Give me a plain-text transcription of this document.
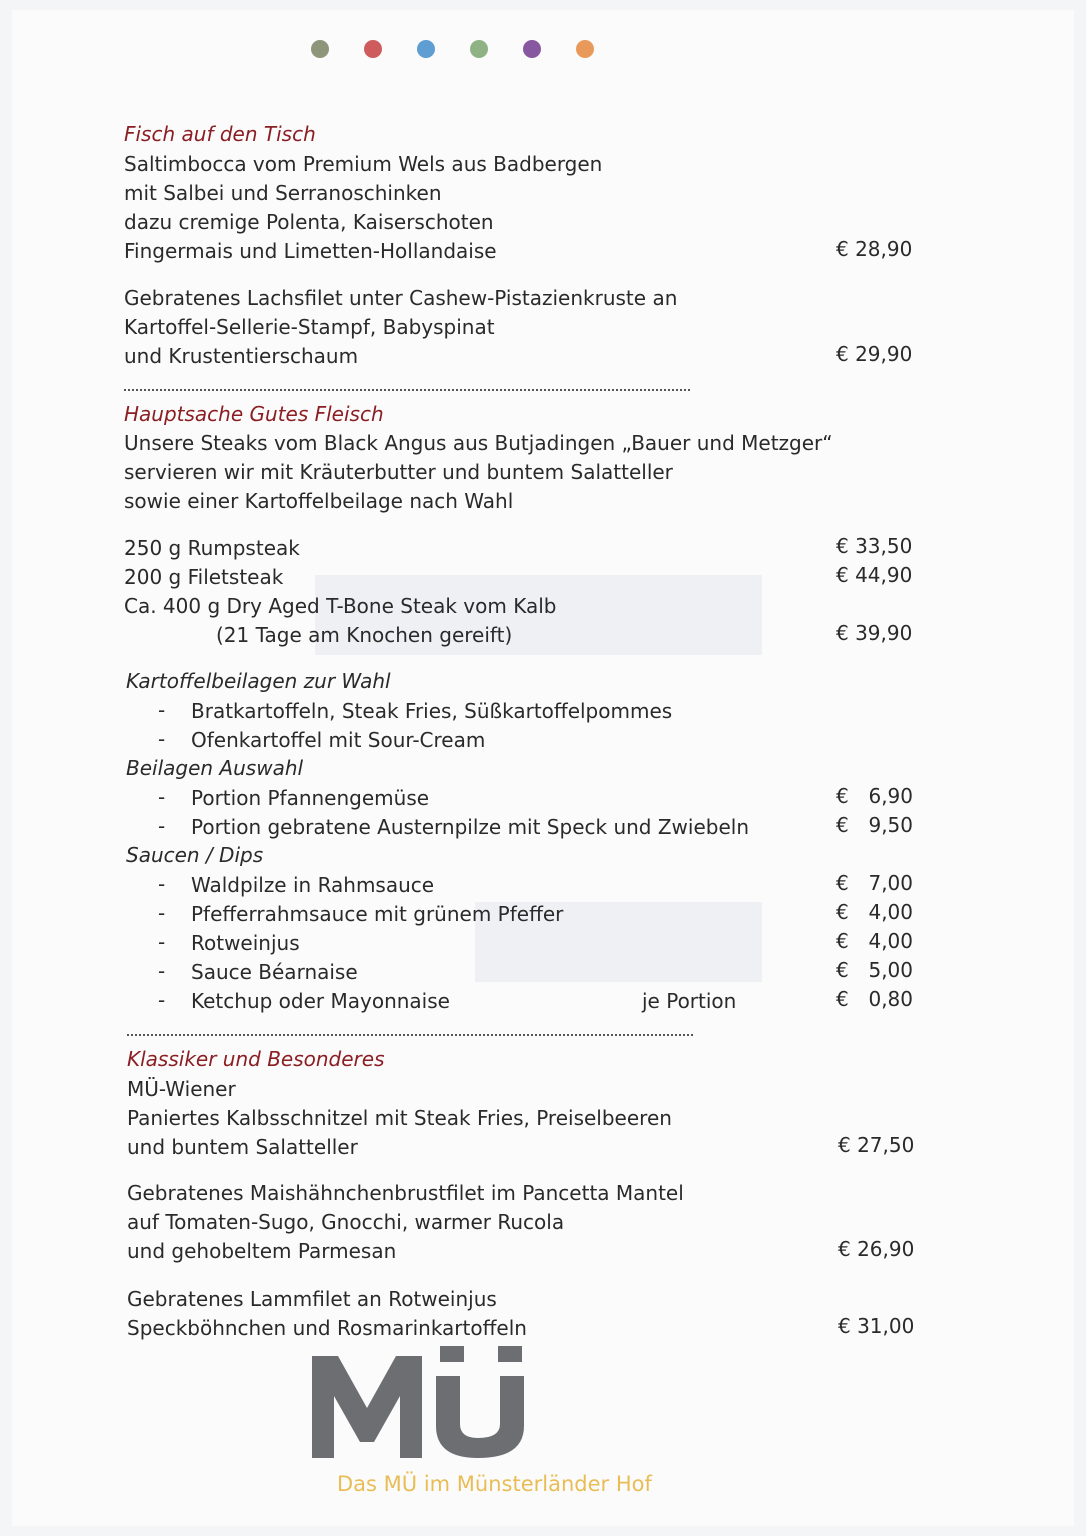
Fisch auf den Tisch
Saltimbocca vom Premium Wels aus Badbergen
mit Salbei und Serranoschinken
dazu cremige Polenta, Kaiserschoten
Fingermais und Limetten-Hollandaise	€ 28,90
Gebratenes Lachsfilet unter Cashew-Pistazienkruste an
Kartoffel-Sellerie-Stampf, Babyspinat
und Krustentierschaum	€ 29,90
Hauptsache Gutes Fleisch
Unsere Steaks vom Black Angus aus Butjadingen „Bauer und Metzger“
servieren wir mit Kräuterbutter und buntem Salatteller
sowie einer Kartoffelbeilage nach Wahl
250 g Rumpsteak	€ 33,50
200 g Filetsteak	€ 44,90
Ca. 400 g Dry Aged T-Bone Steak vom Kalb
(21 Tage am Knochen gereift)	€ 39,90
Kartoffelbeilagen zur Wahl
- Bratkartoffeln, Steak Fries, Süßkartoffelpommes
- Ofenkartoffel mit Sour-Cream
Beilagen Auswahl
- Portion Pfannengemüse	€ 6,90
- Portion gebratene Austernpilze mit Speck und Zwiebeln	€ 9,50
Saucen / Dips
- Waldpilze in Rahmsauce	€ 7,00
- Pfefferrahmsauce mit grünem Pfeffer	€ 4,00
- Rotweinjus	€ 4,00
- Sauce Béarnaise	€ 5,00
- Ketchup oder Mayonnaise	je Portion	€ 0,80
Klassiker und Besonderes
MÜ-Wiener
Paniertes Kalbsschnitzel mit Steak Fries, Preiselbeeren
und buntem Salatteller	€ 27,50
Gebratenes Maishähnchenbrustfilet im Pancetta Mantel
auf Tomaten-Sugo, Gnocchi, warmer Rucola
und gehobeltem Parmesan	€ 26,90
Gebratenes Lammfilet an Rotweinjus
Speckböhnchen und Rosmarinkartoffeln	€ 31,00
Das MÜ im Münsterländer Hof
